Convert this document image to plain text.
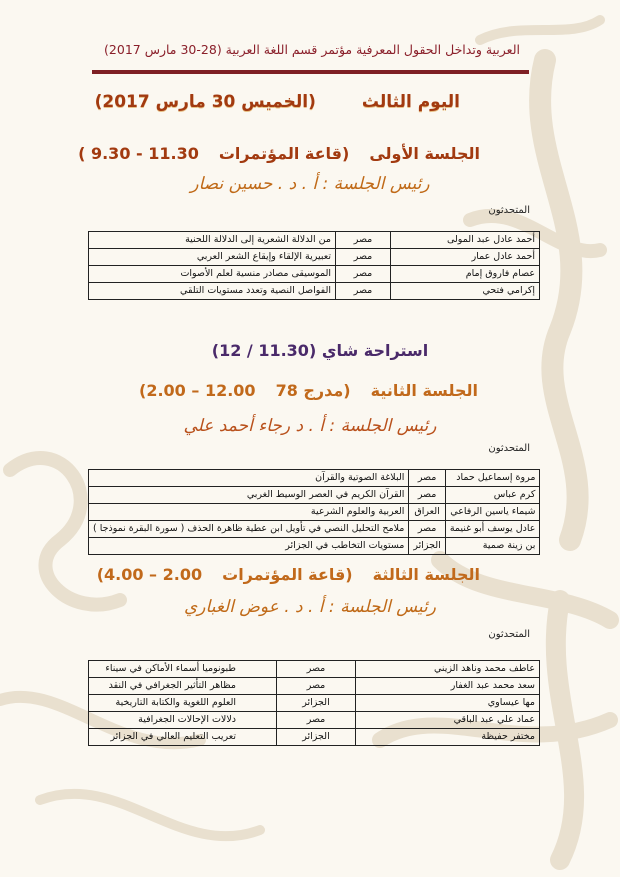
العربية وتداخل الحقول المعرفية مؤتمر قسم اللغة العربية (28-30 مارس 2017)
اليوم الثالث(الخميس 30 مارس 2017)
الجلسة الأولى(قاعة المؤتمرات11.30 - 9.30 )
رئيس الجلسة : أ . د . حسين نصار
المتحدثون
أحمد عادل عبد المولى	مصر	من الدلالة الشعرية إلى الدلالة اللحنية
أحمد عادل عمار	مصر	تعبيرية الإلقاء وإيقاع الشعر العربي
عصام فاروق إمام	مصر	الموسيقى مصادر منسية لعلم الأصوات
إكرامي فتحي	مصر	الفواصل النصية وتعدد مستويات التلقي
استراحة شاي (11.30 / 12)
الجلسة الثانية(مدرج 7812.00 – 2.00)
رئيس الجلسة : أ . د رجاء أحمد علي
المتحدثون
مروة إسماعيل حماد	مصر	البلاغة الصوتية والقرآن
كرم عباس	مصر	القرآن الكريم في العصر الوسيط الغربي
شيماء ياسين الرفاعي	العراق	العربية والعلوم الشرعية
عادل يوسف أبو غنيمة	مصر	ملامح التحليل النصي في تأويل ابن عطية ظاهرة الحذف ( سورة البقرة نموذجا )
بن زينة صمية	الجزائر	مستويات التخاطب في الجزائر
الجلسة الثالثة(قاعة المؤتمرات2.00 – 4.00)
رئيس الجلسة : أ . د . عوض الغباري
المتحدثون
عاطف محمد وناهد الزيني	مصر	طبونوميا أسماء الأماكن في سيناء
سعد محمد عبد الغفار	مصر	مظاهر التأثير الجغرافي في النقد
مها عيساوي	الجزائر	العلوم اللغوية والكتابة التاريخية
عماد علي عبد الباقي	مصر	دلالات الإحالات الجغرافية
مختفر حفيظة	الجزائر	تعريب التعليم العالي في الجزائر
